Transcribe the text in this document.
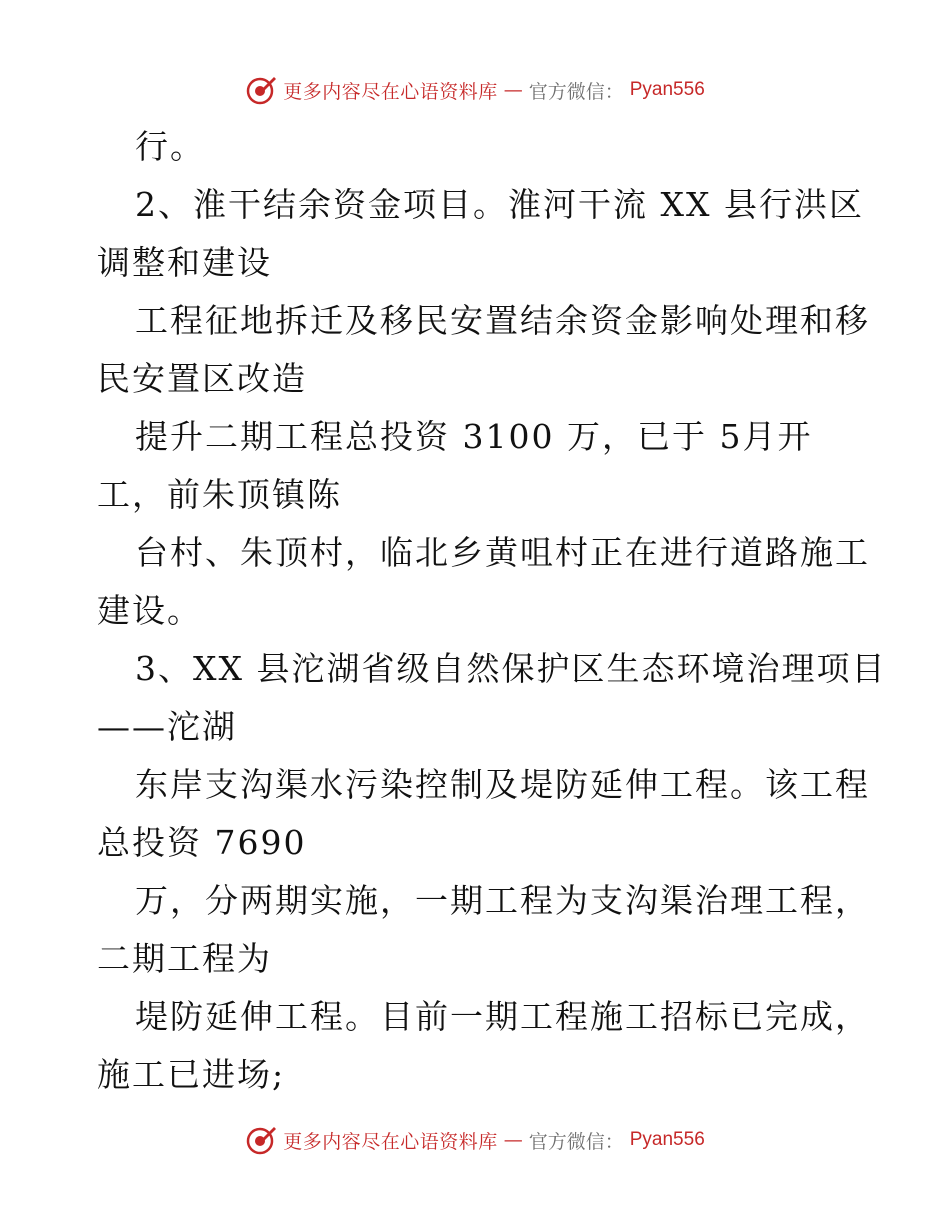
更多内容尽在心语资料库 — 官方微信： Pyan556
行。
2、淮干结余资金项目。淮河干流 XX 县行洪区
调整和建设
工程征地拆迁及移民安置结余资金影响处理和移
民安置区改造
提升二期工程总投资 3100 万，已于 5月开
工，前朱顶镇陈
台村、朱顶村，临北乡黄咀村正在进行道路施工
建设。
3、XX 县沱湖省级自然保护区生态环境治理项目
——沱湖
东岸支沟渠水污染控制及堤防延伸工程。该工程
总投资 7690
万，分两期实施，一期工程为支沟渠治理工程，
二期工程为
堤防延伸工程。目前一期工程施工招标已完成，
施工已进场;
更多内容尽在心语资料库 — 官方微信： Pyan556
